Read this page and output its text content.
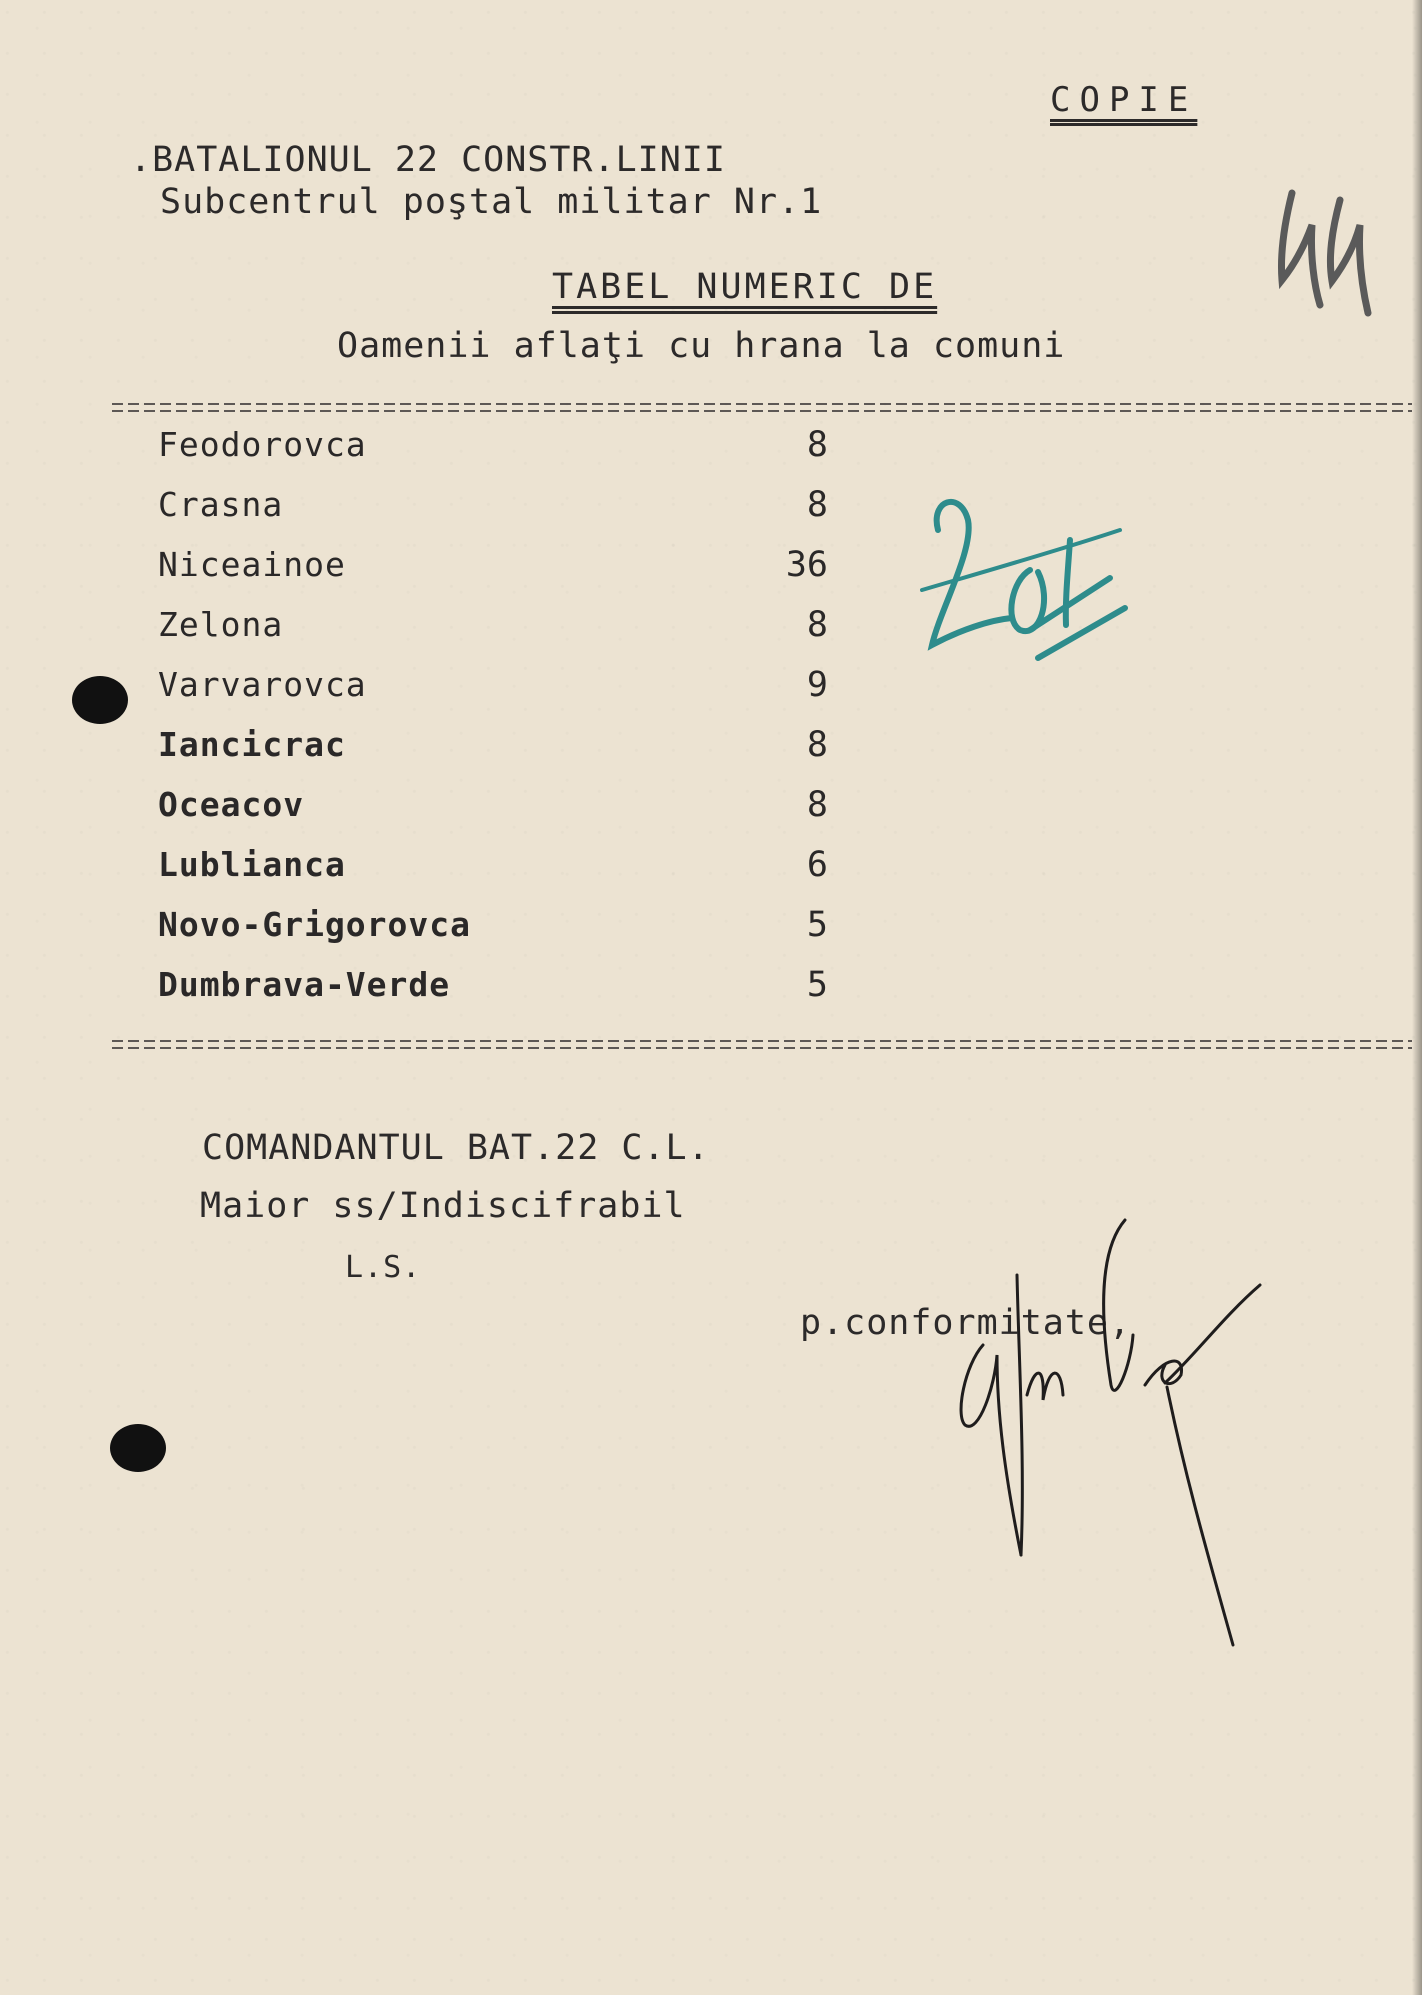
COPIE
.BATALIONUL 22 CONSTR.LINII
Subcentrul poştal militar Nr.1
TABEL NUMERIC DE
Oamenii aflaţi cu hrana la comuni
Feodorovca	8
Crasna	8
Niceainoe	36
Zelona	8
Varvarovca	9
Iancicrac	8
Oceacov	8
Lublianca	6
Novo-Grigorovca	5
Dumbrava-Verde	5
COMANDANTUL BAT.22 C.L.
Maior ss/Indiscifrabil
L.S.
p.conformitate,
